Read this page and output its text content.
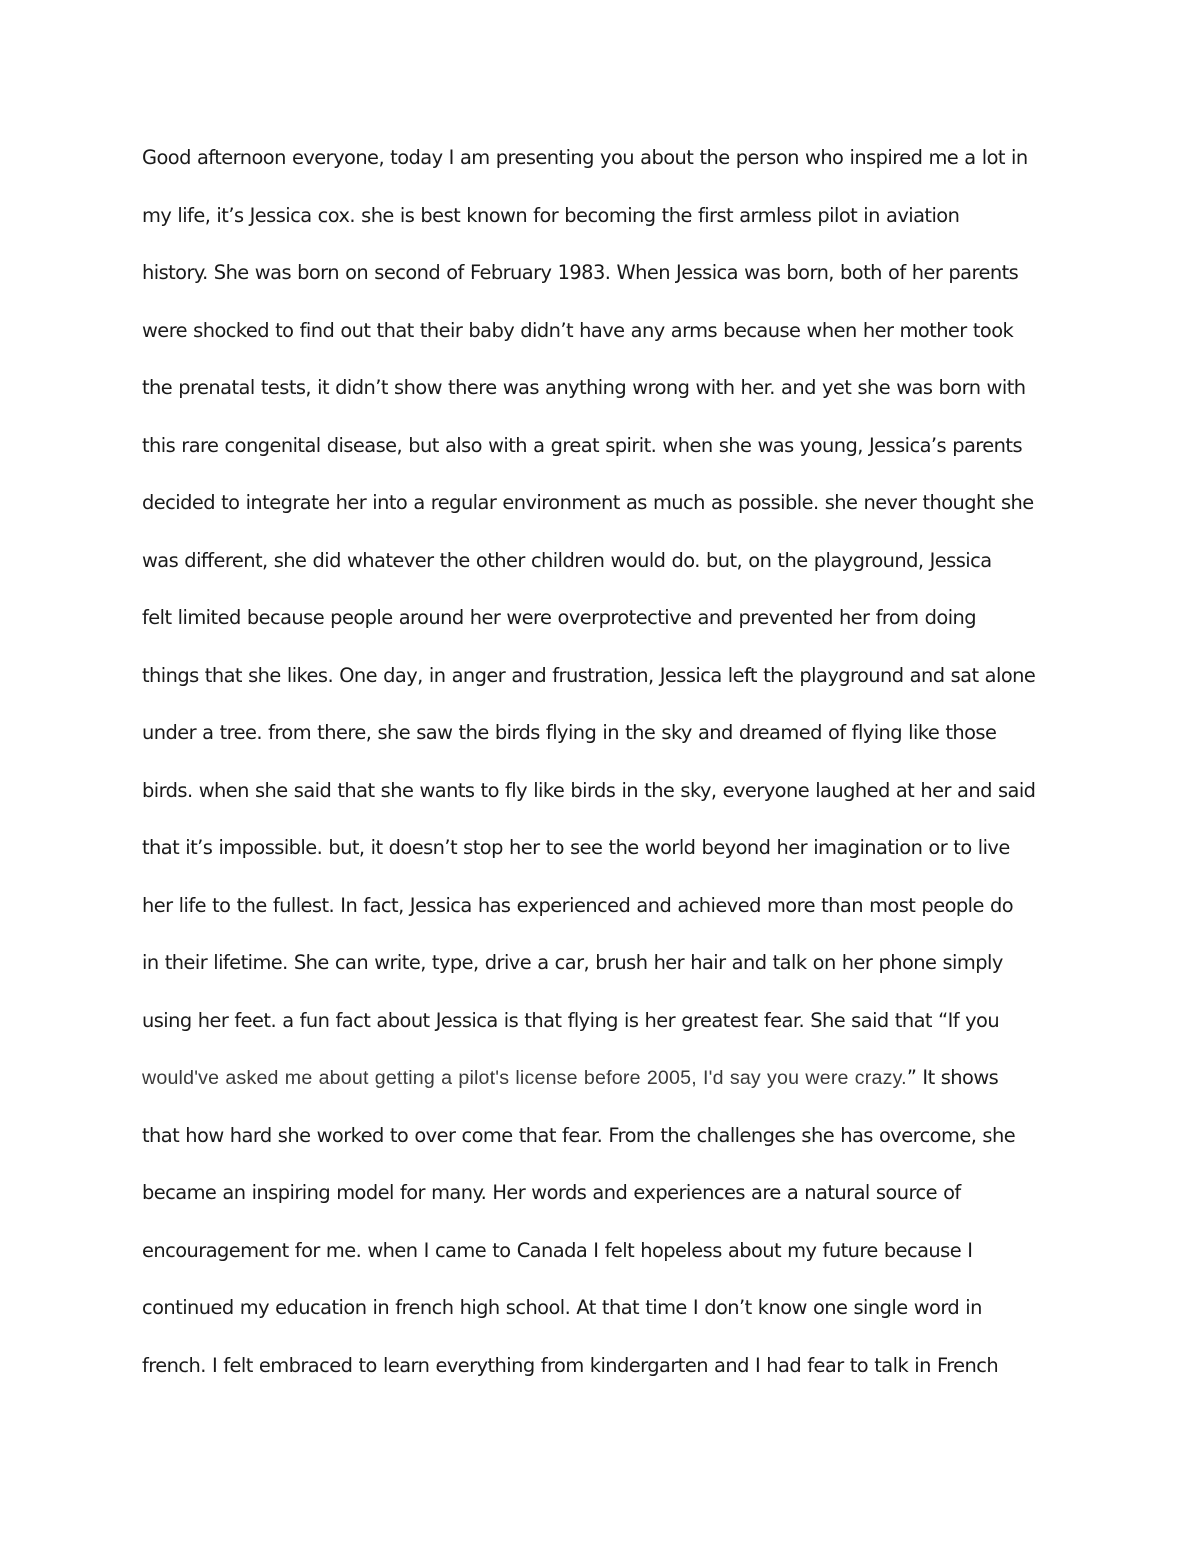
Good afternoon everyone, today I am presenting you about the person who inspired me a lot in
my life, it’s Jessica cox. she is best known for becoming the first armless pilot in aviation
history. She was born on second of February 1983. When Jessica was born, both of her parents
were shocked to find out that their baby didn’t have any arms because when her mother took
the prenatal tests, it didn’t show there was anything wrong with her. and yet she was born with
this rare congenital disease, but also with a great spirit. when she was young, Jessica’s parents
decided to integrate her into a regular environment as much as possible. she never thought she
was different, she did whatever the other children would do. but, on the playground, Jessica
felt limited because people around her were overprotective and prevented her from doing
things that she likes. One day, in anger and frustration, Jessica left the playground and sat alone
under a tree. from there, she saw the birds flying in the sky and dreamed of flying like those
birds. when she said that she wants to fly like birds in the sky, everyone laughed at her and said
that it’s impossible. but, it doesn’t stop her to see the world beyond her imagination or to live
her life to the fullest. In fact, Jessica has experienced and achieved more than most people do
in their lifetime. She can write, type, drive a car, brush her hair and talk on her phone simply
using her feet. a fun fact about Jessica is that flying is her greatest fear. She said that “If you
would've asked me about getting a pilot's license before 2005, I'd say you were crazy.” It shows
that how hard she worked to over come that fear. From the challenges she has overcome, she
became an inspiring model for many. Her words and experiences are a natural source of
encouragement for me. when I came to Canada I felt hopeless about my future because I
continued my education in french high school. At that time I don’t know one single word in
french. I felt embraced to learn everything from kindergarten and I had fear to talk in French
